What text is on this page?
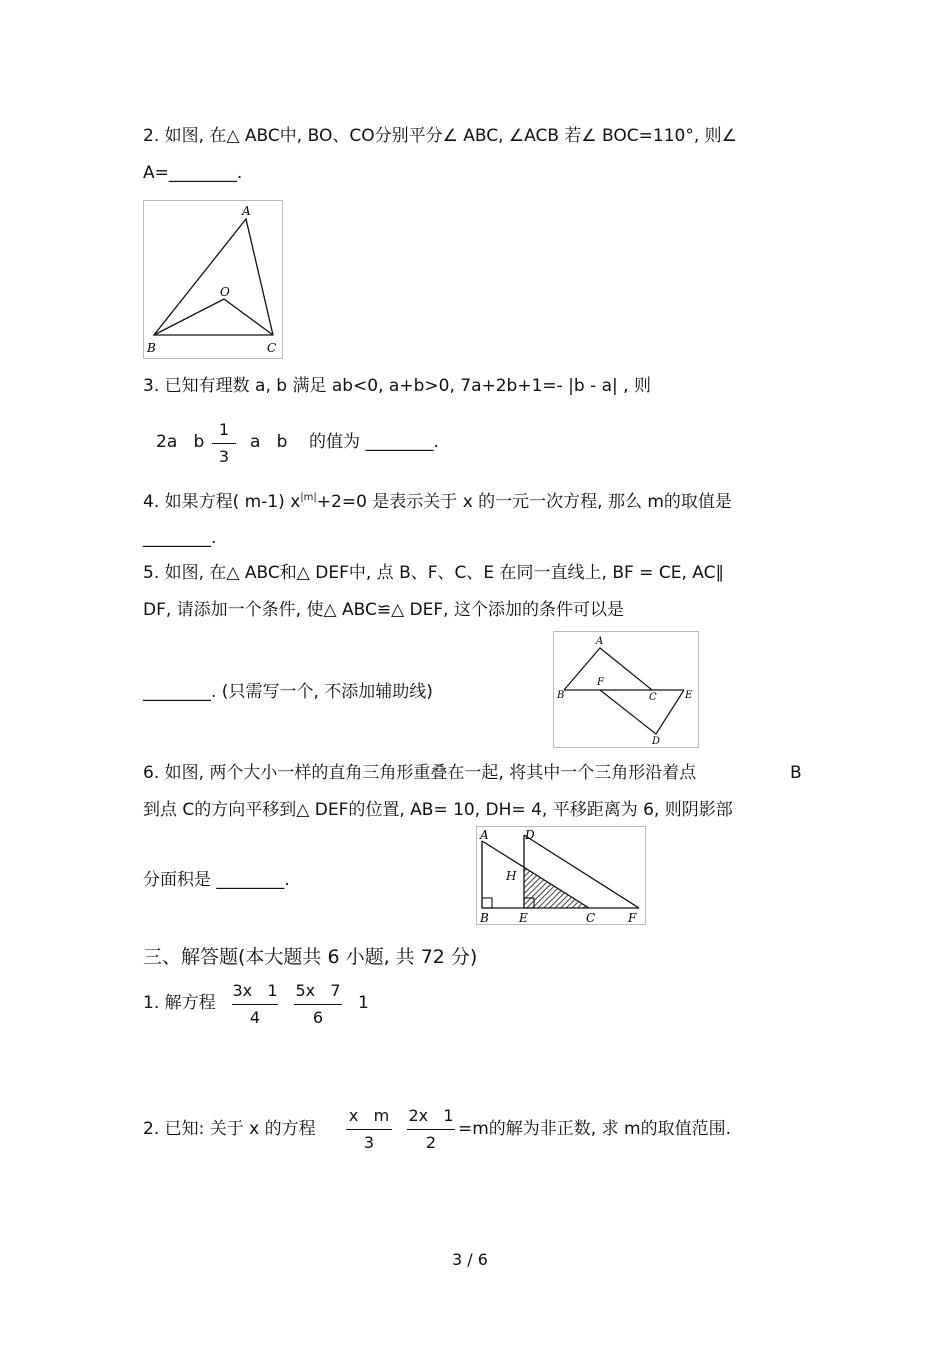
2. 如图, 在△ ABC中, BO、CO分别平分∠ ABC, ∠ACB 若∠ BOC=110°, 则∠
A=________.
A
O
B	C
3. 已知有理数 a, b 满足 ab<0, a+b>0, 7a+2b+1=- |b - a| , 则
2a   b
1
3
a   b    的值为 ________.
4. 如果方程( m-1) $x^{|m|}+2=0$ 是表示关于 x 的一元一次方程, 那么 m的取值是
________.
5. 如图, 在△ ABC和△ DEF中, 点 B、F、C、E 在同一直线上, BF = CE, AC∥
DF, 请添加一个条件, 使△ ABC≌△ DEF, 这个添加的条件可以是
________. (只需写一个, 不添加辅助线)
A
F
B	C	E
D
6. 如图, 两个大小一样的直角三角形重叠在一起, 将其中一个三角形沿着点	B
到点 C的方向平移到△ DEF的位置, AB= 10, DH= 4, 平移距离为 6, 则阴影部
分面积是 ________.
A	D
H
B	E	C	F
三、解答题(本大题共 6 小题, 共 72 分)
1. 解方程
3x   1
4
5x   7
6
1
2. 已知: 关于 x 的方程
x   m
3
2x   1
2
=m的解为非正数, 求 m的取值范围.
3 / 6
